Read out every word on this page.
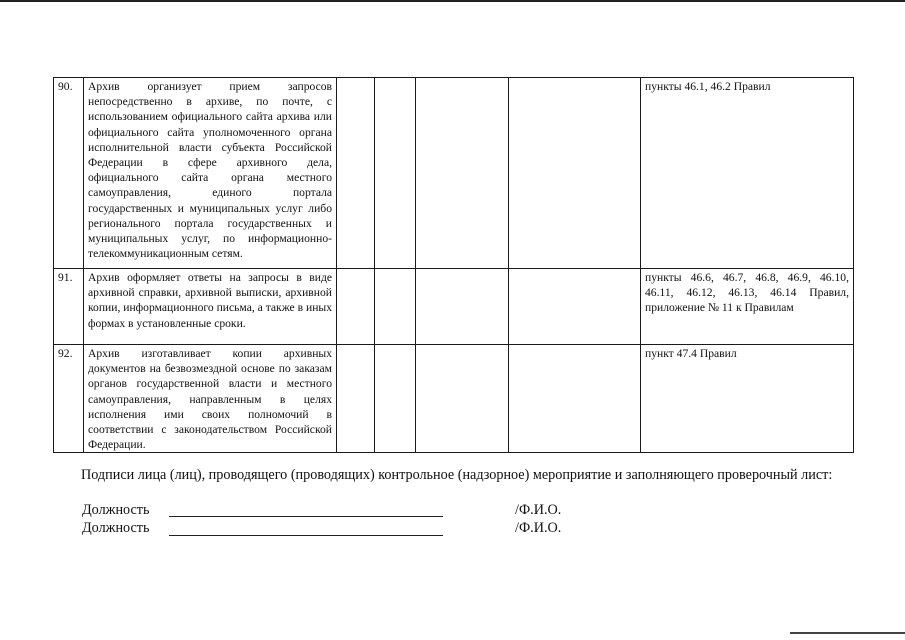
90.	Архив организует прием запросов непосредственно в архиве, по почте, с использованием официального сайта архива или официального сайта уполномоченного органа исполнительной власти субъекта Российской Федерации в сфере архивного дела, официального сайта органа местного самоуправления, единого портала государственных и муниципальных услуг либо регионального портала государственных и муниципальных услуг, по информационно-телекоммуникационным сетям.					пункты 46.1, 46.2 Правил
91.	Архив оформляет ответы на запросы в виде архивной справки, архивной выписки, архивной копии, информационного письма, а также в иных формах в установленные сроки.					пункты 46.6, 46.7, 46.8, 46.9, 46.10, 46.11, 46.12, 46.13, 46.14 Правил, приложение № 11 к Правилам
92.	Архив изготавливает копии архивных документов на безвозмездной основе по заказам органов государственной власти и местного самоуправления, направленным в целях исполнения ими своих полномочий в соответствии с законодательством Российской Федерации.					пункт 47.4 Правил

Подписи лица (лиц), проводящего (проводящих) контрольное (надзорное) мероприятие и заполняющего проверочный лист:

Должность	/Ф.И.О.
Должность	/Ф.И.О.
